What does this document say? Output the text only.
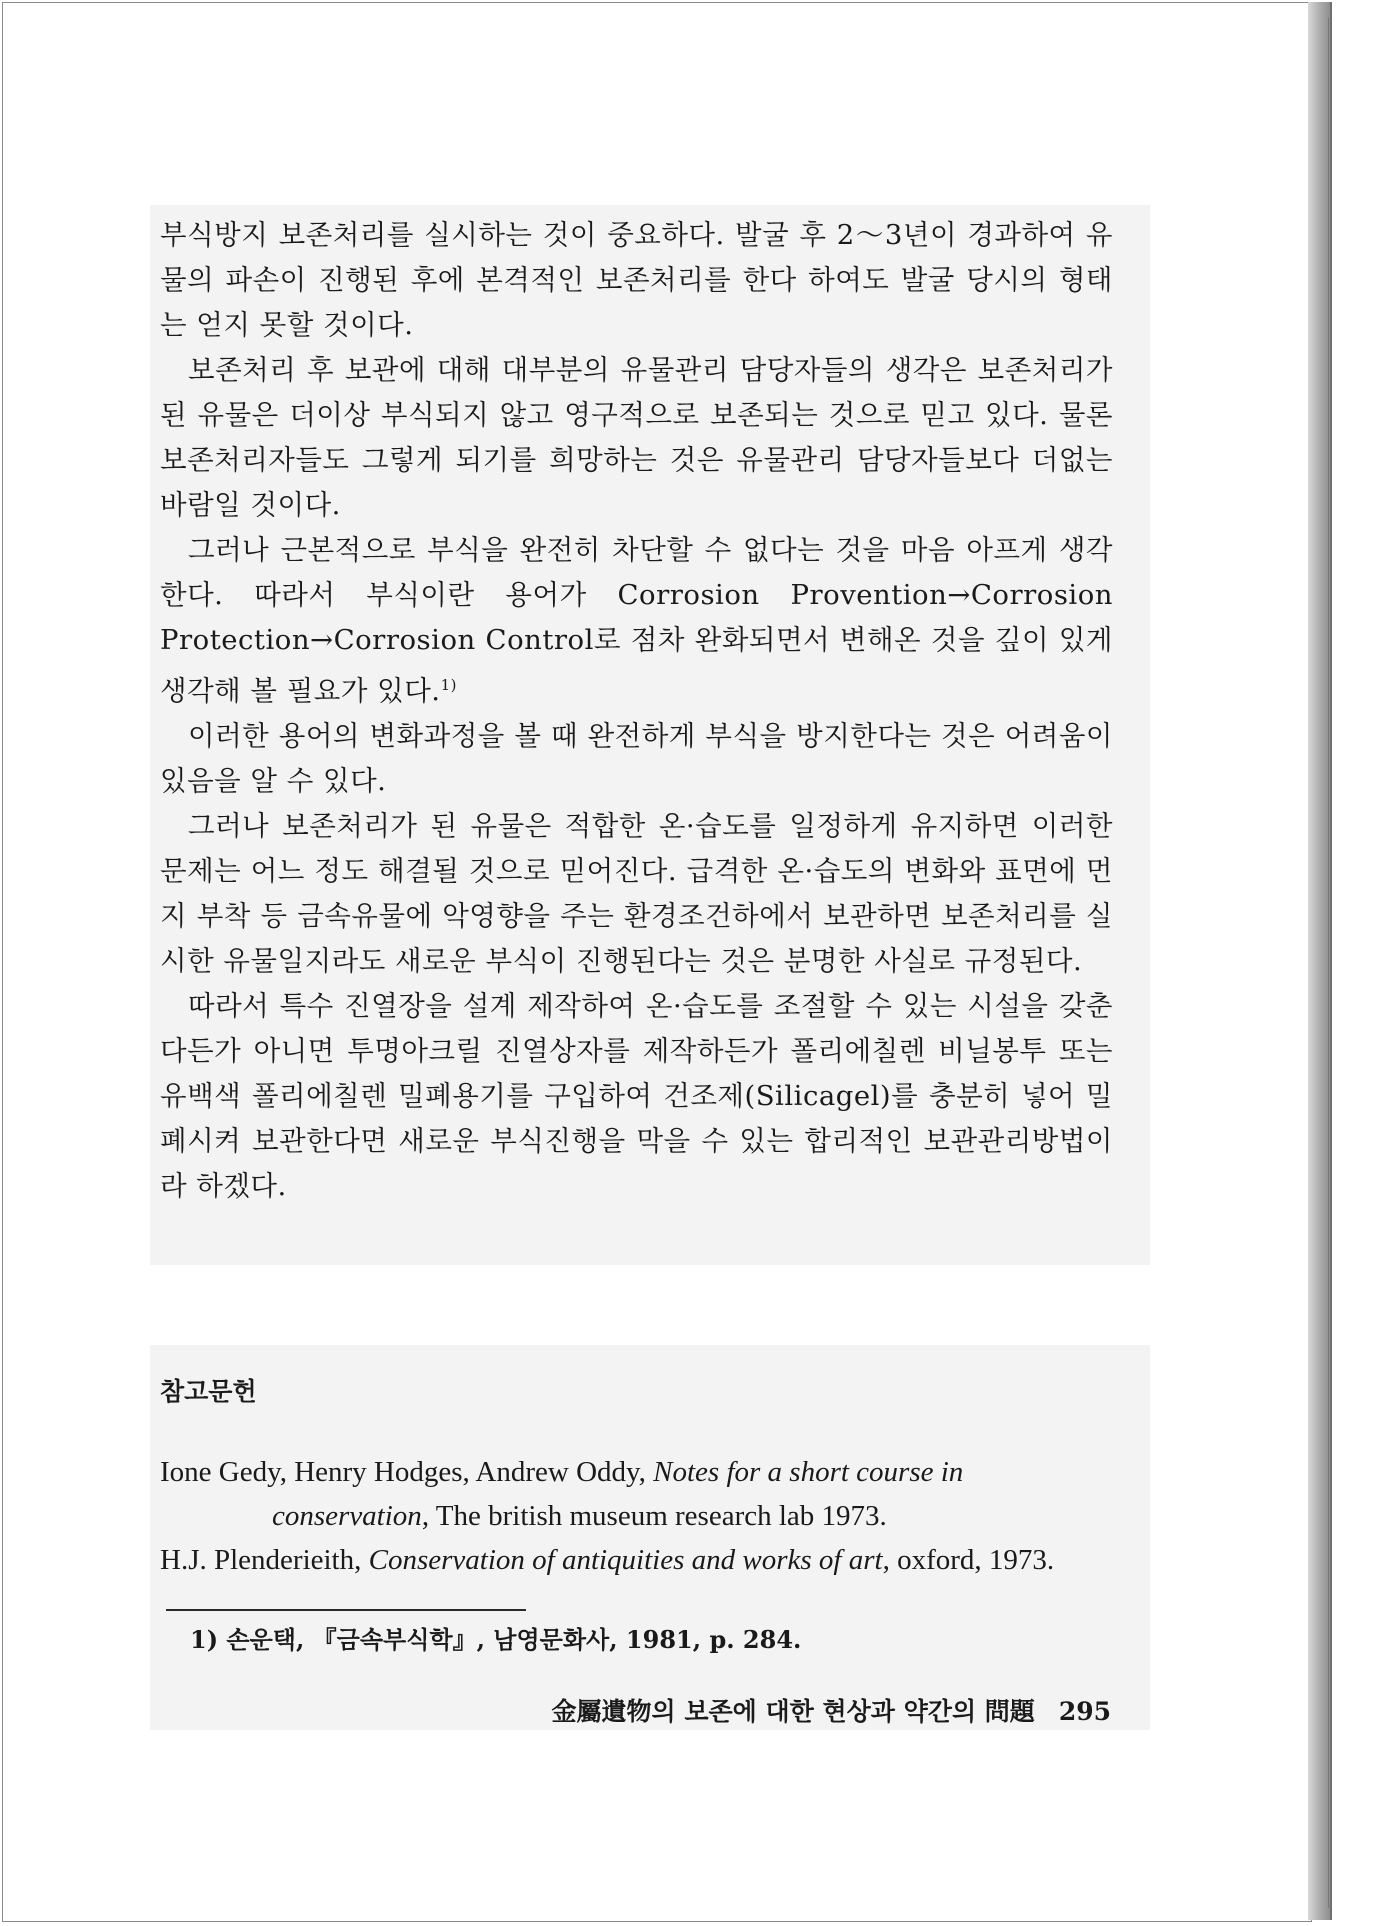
부식방지 보존처리를 실시하는 것이 중요하다. 발굴 후 2～3년이 경과하여 유물의 파손이 진행된 후에 본격적인 보존처리를 한다 하여도 발굴 당시의 형태는 얻지 못할 것이다.

보존처리 후 보관에 대해 대부분의 유물관리 담당자들의 생각은 보존처리가 된 유물은 더이상 부식되지 않고 영구적으로 보존되는 것으로 믿고 있다. 물론 보존처리자들도 그렇게 되기를 희망하는 것은 유물관리 담당자들보다 더없는 바람일 것이다.

그러나 근본적으로 부식을 완전히 차단할 수 없다는 것을 마음 아프게 생각한다. 따라서 부식이란 용어가 Corrosion Provention→Corrosion Protection→Corrosion Control로 점차 완화되면서 변해온 것을 깊이 있게 생각해 볼 필요가 있다.$^{1)}$

이러한 용어의 변화과정을 볼 때 완전하게 부식을 방지한다는 것은 어려움이 있음을 알 수 있다.

그러나 보존처리가 된 유물은 적합한 온·습도를 일정하게 유지하면 이러한 문제는 어느 정도 해결될 것으로 믿어진다. 급격한 온·습도의 변화와 표면에 먼지 부착 등 금속유물에 악영향을 주는 환경조건하에서 보관하면 보존처리를 실시한 유물일지라도 새로운 부식이 진행된다는 것은 분명한 사실로 규정된다.

따라서 특수 진열장을 설계 제작하여 온·습도를 조절할 수 있는 시설을 갖춘다든가 아니면 투명아크릴 진열상자를 제작하든가 폴리에칠렌 비닐봉투 또는 유백색 폴리에칠렌 밀폐용기를 구입하여 건조제(Silicagel)를 충분히 넣어 밀폐시켜 보관한다면 새로운 부식진행을 막을 수 있는 합리적인 보관관리방법이라 하겠다.

참고문헌

Ione Gedy, Henry Hodges, Andrew Oddy, Notes for a short course in conservation, The british museum research lab 1973.

H.J. Plenderieith, Conservation of antiquities and works of art, oxford, 1973.

1) 손운택, 『금속부식학』, 남영문화사, 1981, p. 284.

金屬遺物의 보존에 대한 현상과 약간의 問題 295
